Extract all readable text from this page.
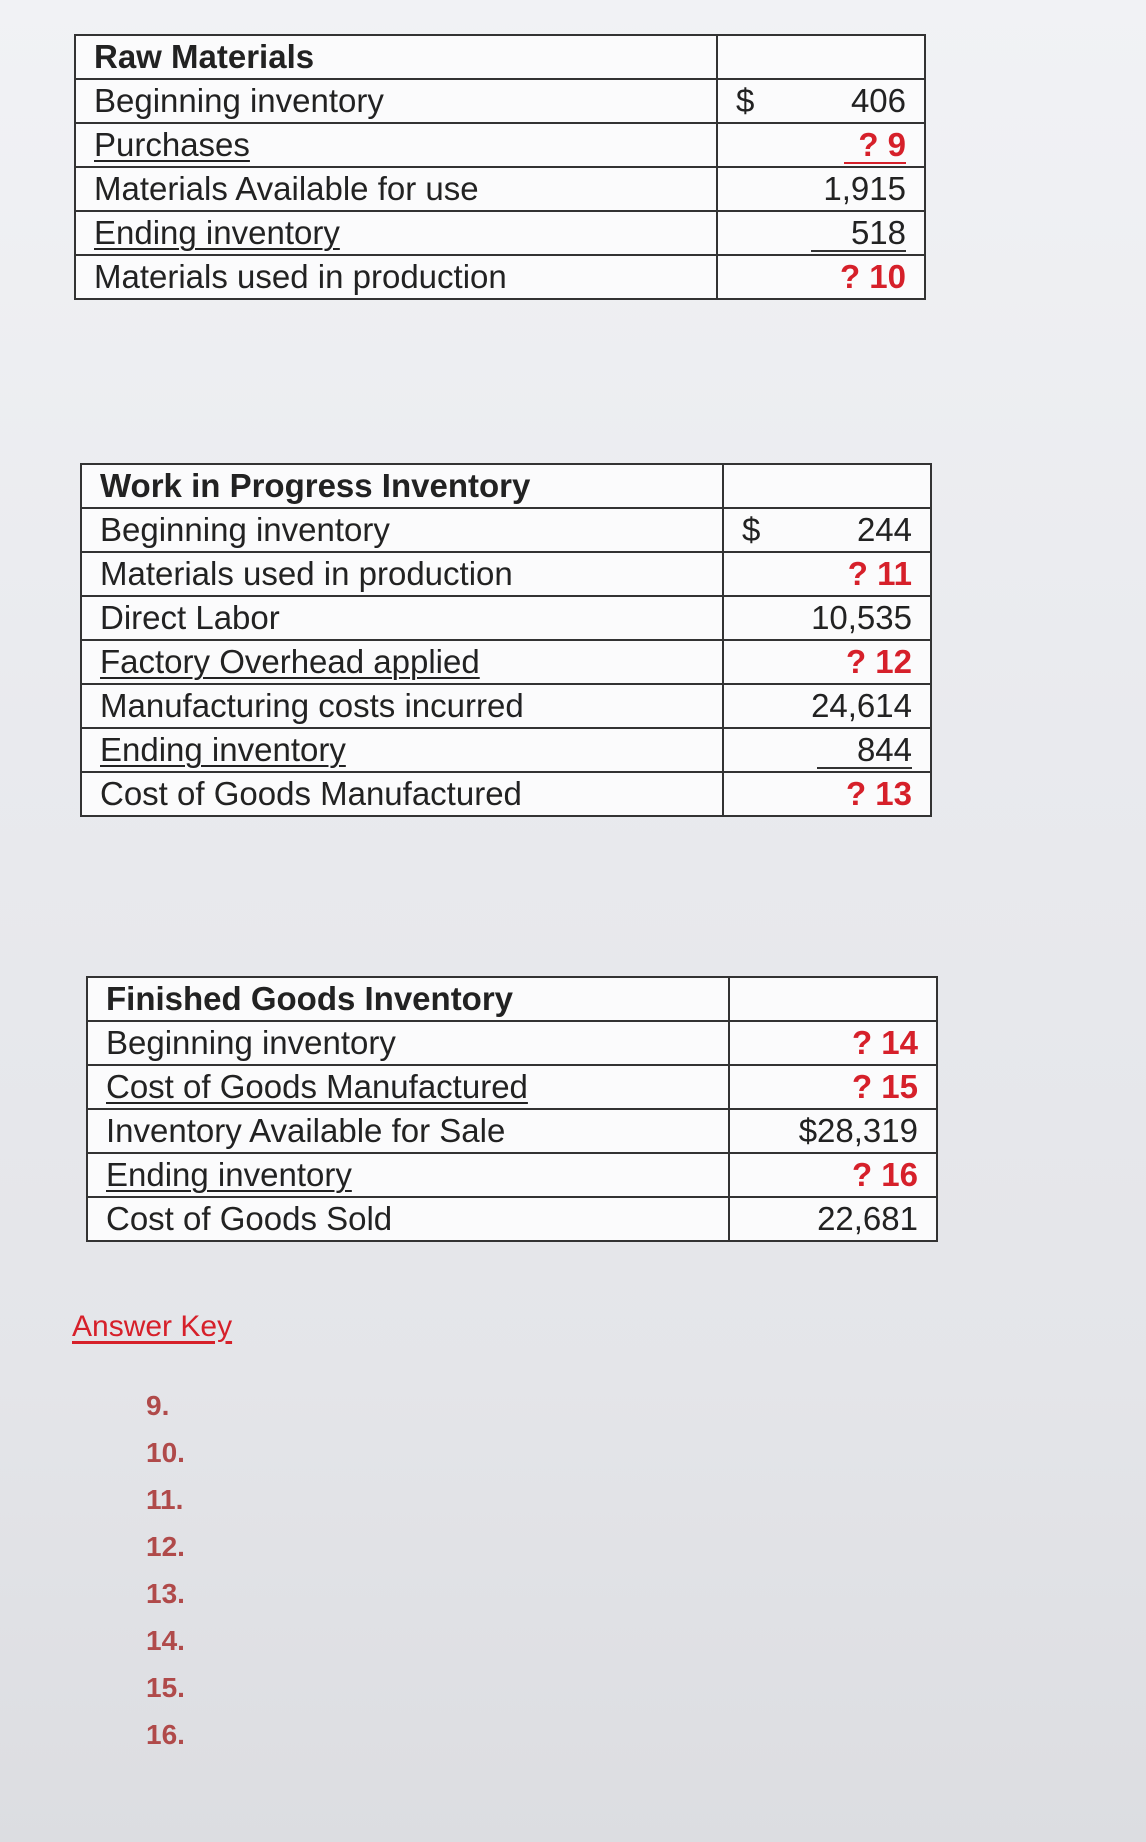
Raw Materials	
Beginning inventory	$ 406
Purchases	? 9
Materials Available for use	1,915
Ending inventory	518
Materials used in production	? 10
Work in Progress Inventory	
Beginning inventory	$ 244
Materials used in production	? 11
Direct Labor	10,535
Factory Overhead applied	? 12
Manufacturing costs incurred	24,614
Ending inventory	844
Cost of Goods Manufactured	? 13
Finished Goods Inventory	
Beginning inventory	? 14
Cost of Goods Manufactured	? 15
Inventory Available for Sale	$28,319
Ending inventory	? 16
Cost of Goods Sold	22,681
Answer Key
9.
10.
11.
12.
13.
14.
15.
16.
